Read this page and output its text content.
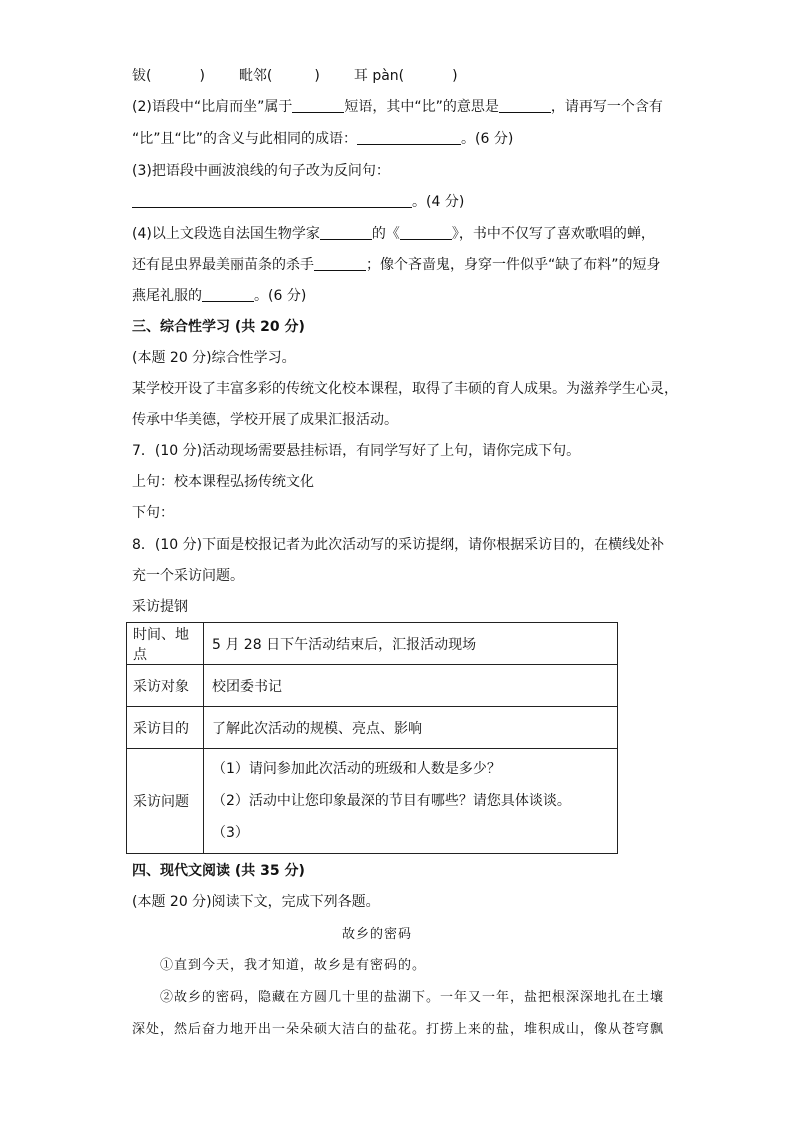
钹(	) 毗邻(	) 耳 pàn(	)
(2)语段中“比肩而坐”属于	短语，其中“比”的意思是	，请再写一个含有
“比”且“比”的含义与此相同的成语：	。(6 分)
(3)把语段中画波浪线的句子改为反问句：
。(4 分)
(4)以上文段选自法国生物学家	的《	》，书中不仅写了喜欢歌唱的蝉，
还有昆虫界最美丽苗条的杀手	；像个吝啬鬼，身穿一件似乎“缺了布料”的短身
燕尾礼服的	。(6 分)
三、综合性学习 (共 20 分)
(本题 20 分)综合性学习。
某学校开设了丰富多彩的传统文化校本课程，取得了丰硕的育人成果。为滋养学生心灵，
传承中华美德，学校开展了成果汇报活动。
7．(10 分)活动现场需要悬挂标语，有同学写好了上句，请你完成下句。
上句：校本课程弘扬传统文化
下句：
8．(10 分)下面是校报记者为此次活动写的采访提纲，请你根据采访目的，在横线处补
充一个采访问题。
采访提钢
时间、地点	5 月 28 日下午活动结束后，汇报活动现场
采访对象	校团委书记
采访目的	了解此次活动的规模、亮点、影响
采访问题	（1）请问参加此次活动的班级和人数是多少？
（2）活动中让您印象最深的节目有哪些？请您具体谈谈。
（3）
四、现代文阅读 (共 35 分)
(本题 20 分)阅读下文，完成下列各题。
故乡的密码
①直到今天，我才知道，故乡是有密码的。
②故乡的密码，隐藏在方圆几十里的盐湖下。一年又一年，盐把根深深地扎在土壤
深处，然后奋力地开出一朵朵硕大洁白的盐花。打捞上来的盐，堆积成山，像从苍穹飘
